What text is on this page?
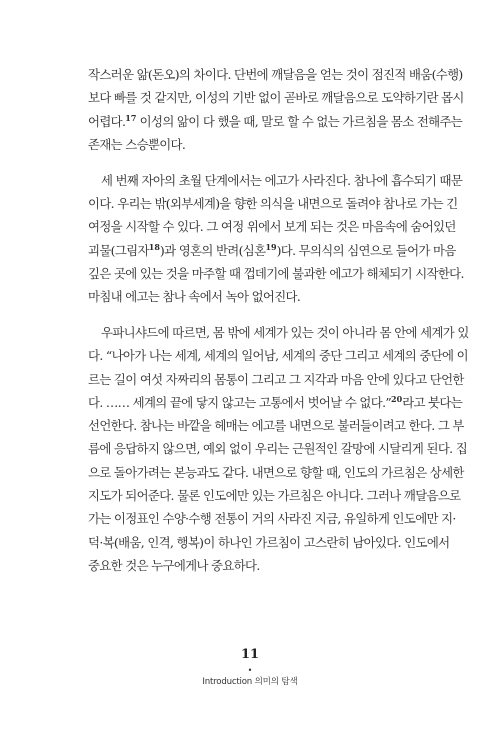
작스러운 앎(돈오)의 차이다. 단번에 깨달음을 얻는 것이 점진적 배움(수행)
보다 빠를 것 같지만, 이성의 기반 없이 곧바로 깨달음으로 도약하기란 몹시
어렵다.$^{17}$ 이성의 앎이 다 했을 때, 말로 할 수 없는 가르침을 몸소 전해주는
존재는 스승뿐이다.
세 번째 자아의 초월 단계에서는 에고가 사라진다. 참나에 흡수되기 때문
이다. 우리는 밖(외부세계)을 향한 의식을 내면으로 돌려야 참나로 가는 긴
여정을 시작할 수 있다. 그 여정 위에서 보게 되는 것은 마음속에 숨어있던
괴물(그림자$^{18}$)과 영혼의 반려(심혼$^{19}$)다. 무의식의 심연으로 들어가 마음
깊은 곳에 있는 것을 마주할 때 껍데기에 불과한 에고가 해체되기 시작한다.
마침내 에고는 참나 속에서 녹아 없어진다.
우파니샤드에 따르면, 몸 밖에 세계가 있는 것이 아니라 몸 안에 세계가 있
다. “나아가 나는 세계, 세계의 일어남, 세계의 중단 그리고 세계의 중단에 이
르는 길이 여섯 자짜리의 몸통이 그리고 그 지각과 마음 안에 있다고 단언한
다. …… 세계의 끝에 닿지 않고는 고통에서 벗어날 수 없다.”$^{20}$라고 붓다는
선언한다. 참나는 바깥을 헤매는 에고를 내면으로 불러들이려고 한다. 그 부
름에 응답하지 않으면, 예외 없이 우리는 근원적인 갈망에 시달리게 된다. 집
으로 돌아가려는 본능과도 같다. 내면으로 향할 때, 인도의 가르침은 상세한
지도가 되어준다. 물론 인도에만 있는 가르침은 아니다. 그러나 깨달음으로
가는 이정표인 수양·수행 전통이 거의 사라진 지금, 유일하게 인도에만 지·
덕·복(배움, 인격, 행복)이 하나인 가르침이 고스란히 남아있다. 인도에서
중요한 것은 누구에게나 중요하다.
11
•
Introduction 의미의 탐색
